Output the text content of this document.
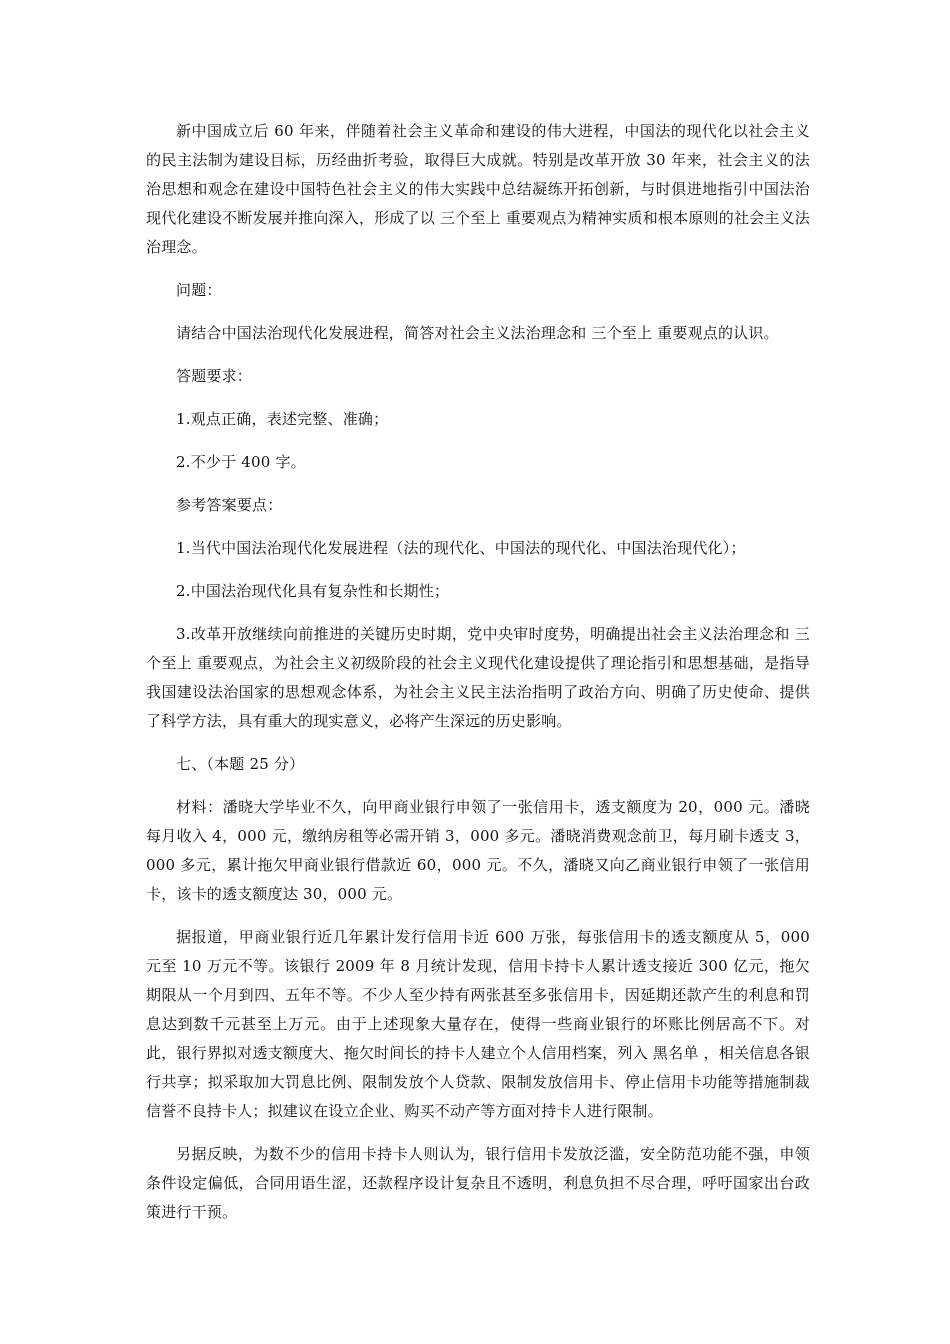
新中国成立后 60 年来，伴随着社会主义革命和建设的伟大进程，中国法的现代化以社会主义的民主法制为建设目标，历经曲折考验，取得巨大成就。特别是改革开放 30 年来，社会主义的法治思想和观念在建设中国特色社会主义的伟大实践中总结凝练开拓创新，与时俱进地指引中国法治现代化建设不断发展并推向深入，形成了以 三个至上 重要观点为精神实质和根本原则的社会主义法治理念。

问题：

请结合中国法治现代化发展进程，简答对社会主义法治理念和 三个至上 重要观点的认识。

答题要求：

1.观点正确，表述完整、准确；

2.不少于 400 字。

参考答案要点：

1.当代中国法治现代化发展进程（法的现代化、中国法的现代化、中国法治现代化）；

2.中国法治现代化具有复杂性和长期性；

3.改革开放继续向前推进的关键历史时期，党中央审时度势，明确提出社会主义法治理念和 三个至上 重要观点，为社会主义初级阶段的社会主义现代化建设提供了理论指引和思想基础，是指导我国建设法治国家的思想观念体系，为社会主义民主法治指明了政治方向、明确了历史使命、提供了科学方法，具有重大的现实意义，必将产生深远的历史影响。

七、（本题 25 分）

材料：潘晓大学毕业不久，向甲商业银行申领了一张信用卡，透支额度为 20，000 元。潘晓每月收入 4，000 元，缴纳房租等必需开销 3，000 多元。潘晓消费观念前卫，每月刷卡透支 3，000 多元，累计拖欠甲商业银行借款近 60，000 元。不久，潘晓又向乙商业银行申领了一张信用卡，该卡的透支额度达 30，000 元。

据报道，甲商业银行近几年累计发行信用卡近 600 万张，每张信用卡的透支额度从 5，000 元至 10 万元不等。该银行 2009 年 8 月统计发现，信用卡持卡人累计透支接近 300 亿元，拖欠期限从一个月到四、五年不等。不少人至少持有两张甚至多张信用卡，因延期还款产生的利息和罚息达到数千元甚至上万元。由于上述现象大量存在，使得一些商业银行的坏账比例居高不下。对此，银行界拟对透支额度大、拖欠时间长的持卡人建立个人信用档案，列入 黑名单 ，相关信息各银行共享；拟采取加大罚息比例、限制发放个人贷款、限制发放信用卡、停止信用卡功能等措施制裁信誉不良持卡人；拟建议在设立企业、购买不动产等方面对持卡人进行限制。

另据反映，为数不少的信用卡持卡人则认为，银行信用卡发放泛滥，安全防范功能不强，申领条件设定偏低，合同用语生涩，还款程序设计复杂且不透明，利息负担不尽合理，呼吁国家出台政策进行干预。
